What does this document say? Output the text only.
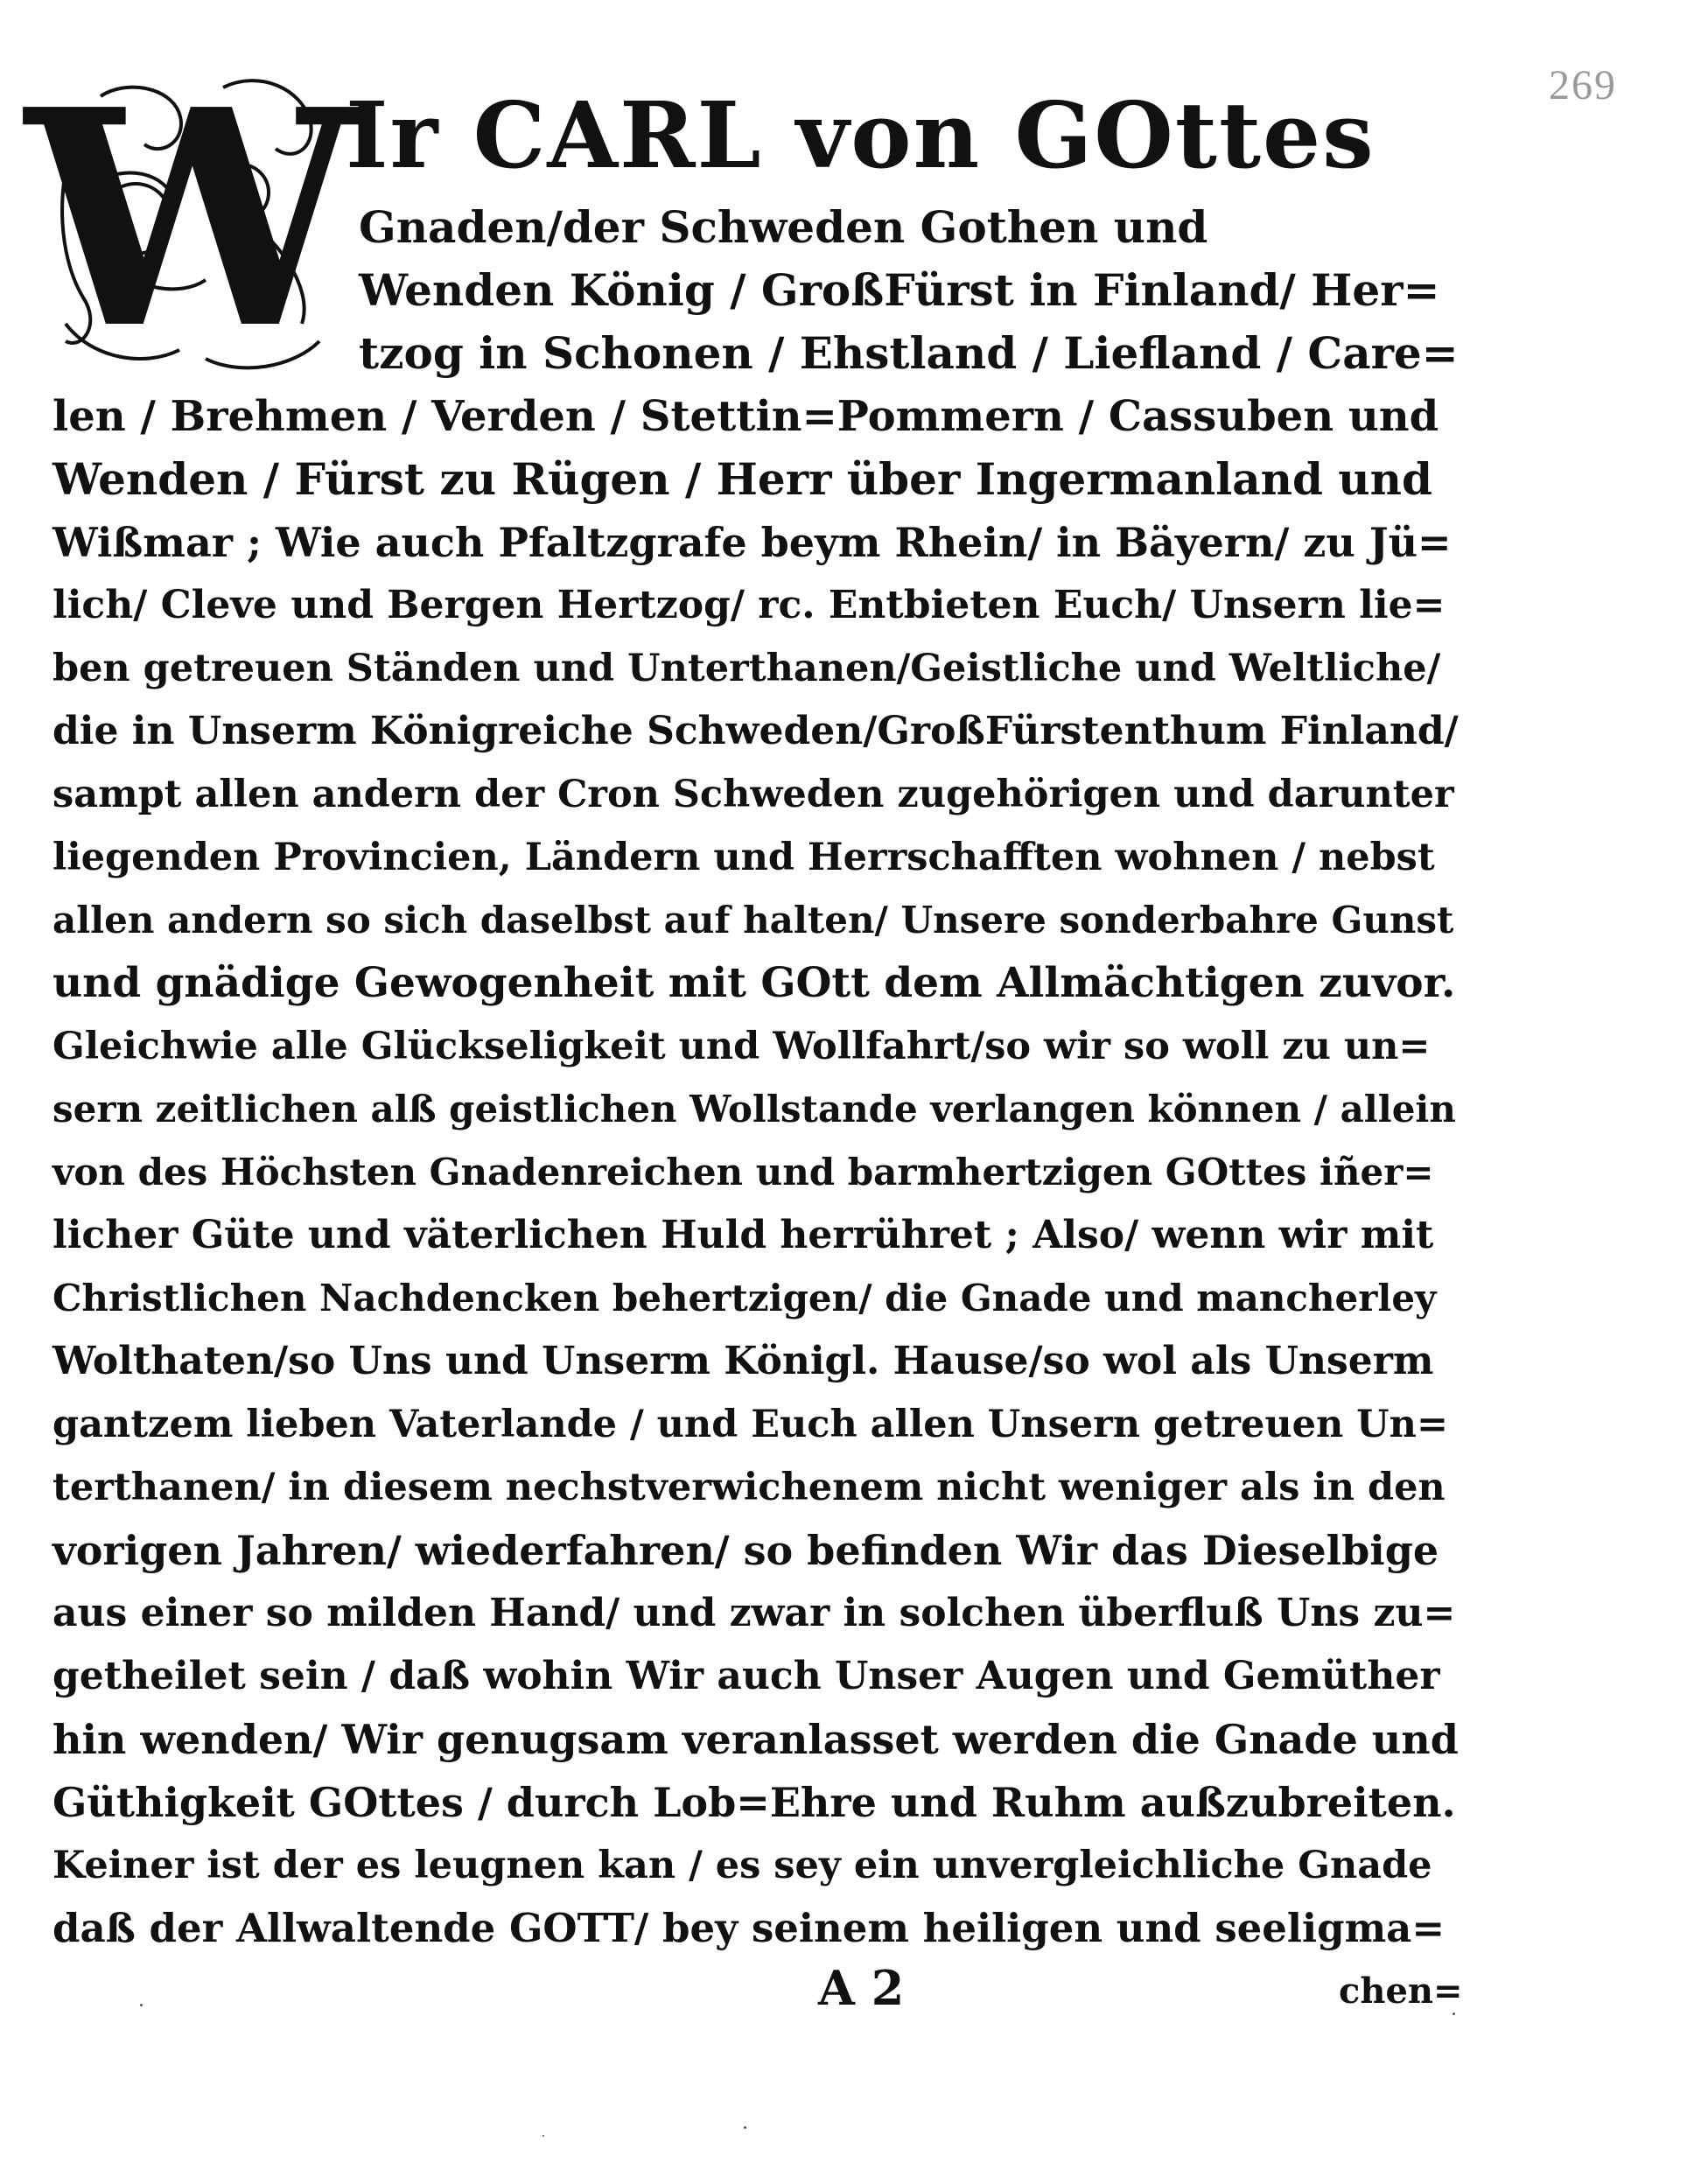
269
W
Ir CARL von GOttes
Gnaden/der Schweden Gothen und
Wenden König / GroßFürst in Finland/ Her=
tzog in Schonen / Ehstland / Liefland / Care=
len / Brehmen / Verden / Stettin=Pommern / Cassuben und
Wenden / Fürst zu Rügen / Herr über Ingermanland und
Wißmar ; Wie auch Pfaltzgrafe beym Rhein/ in Bäyern/ zu Jü=
lich/ Cleve und Bergen Hertzog/ rc. Entbieten Euch/ Unsern lie=
ben getreuen Ständen und Unterthanen/Geistliche und Weltliche/
die in Unserm Königreiche Schweden/GroßFürstenthum Finland/
sampt allen andern der Cron Schweden zugehörigen und darunter
liegenden Provincien, Ländern und Herrschafften wohnen / nebst
allen andern so sich daselbst auf halten/ Unsere sonderbahre Gunst
und gnädige Gewogenheit mit GOtt dem Allmächtigen zuvor.
Gleichwie alle Glückseligkeit und Wollfahrt/so wir so woll zu un=
sern zeitlichen alß geistlichen Wollstande verlangen können / allein
von des Höchsten Gnadenreichen und barmhertzigen GOttes iñer=
licher Güte und väterlichen Huld herrühret ; Also/ wenn wir mit
Christlichen Nachdencken behertzigen/ die Gnade und mancherley
Wolthaten/so Uns und Unserm Königl. Hause/so wol als Unserm
gantzem lieben Vaterlande / und Euch allen Unsern getreuen Un=
terthanen/ in diesem nechstverwichenem nicht weniger als in den
vorigen Jahren/ wiederfahren/ so befinden Wir das Dieselbige
aus einer so milden Hand/ und zwar in solchen überfluß Uns zu=
getheilet sein / daß wohin Wir auch Unser Augen und Gemüther
hin wenden/ Wir genugsam veranlasset werden die Gnade und
Güthigkeit GOttes / durch Lob=Ehre und Ruhm außzubreiten.
Keiner ist der es leugnen kan / es sey ein unvergleichliche Gnade
daß der Allwaltende GOTT/ bey seinem heiligen und seeligma=
A 2	chen=
